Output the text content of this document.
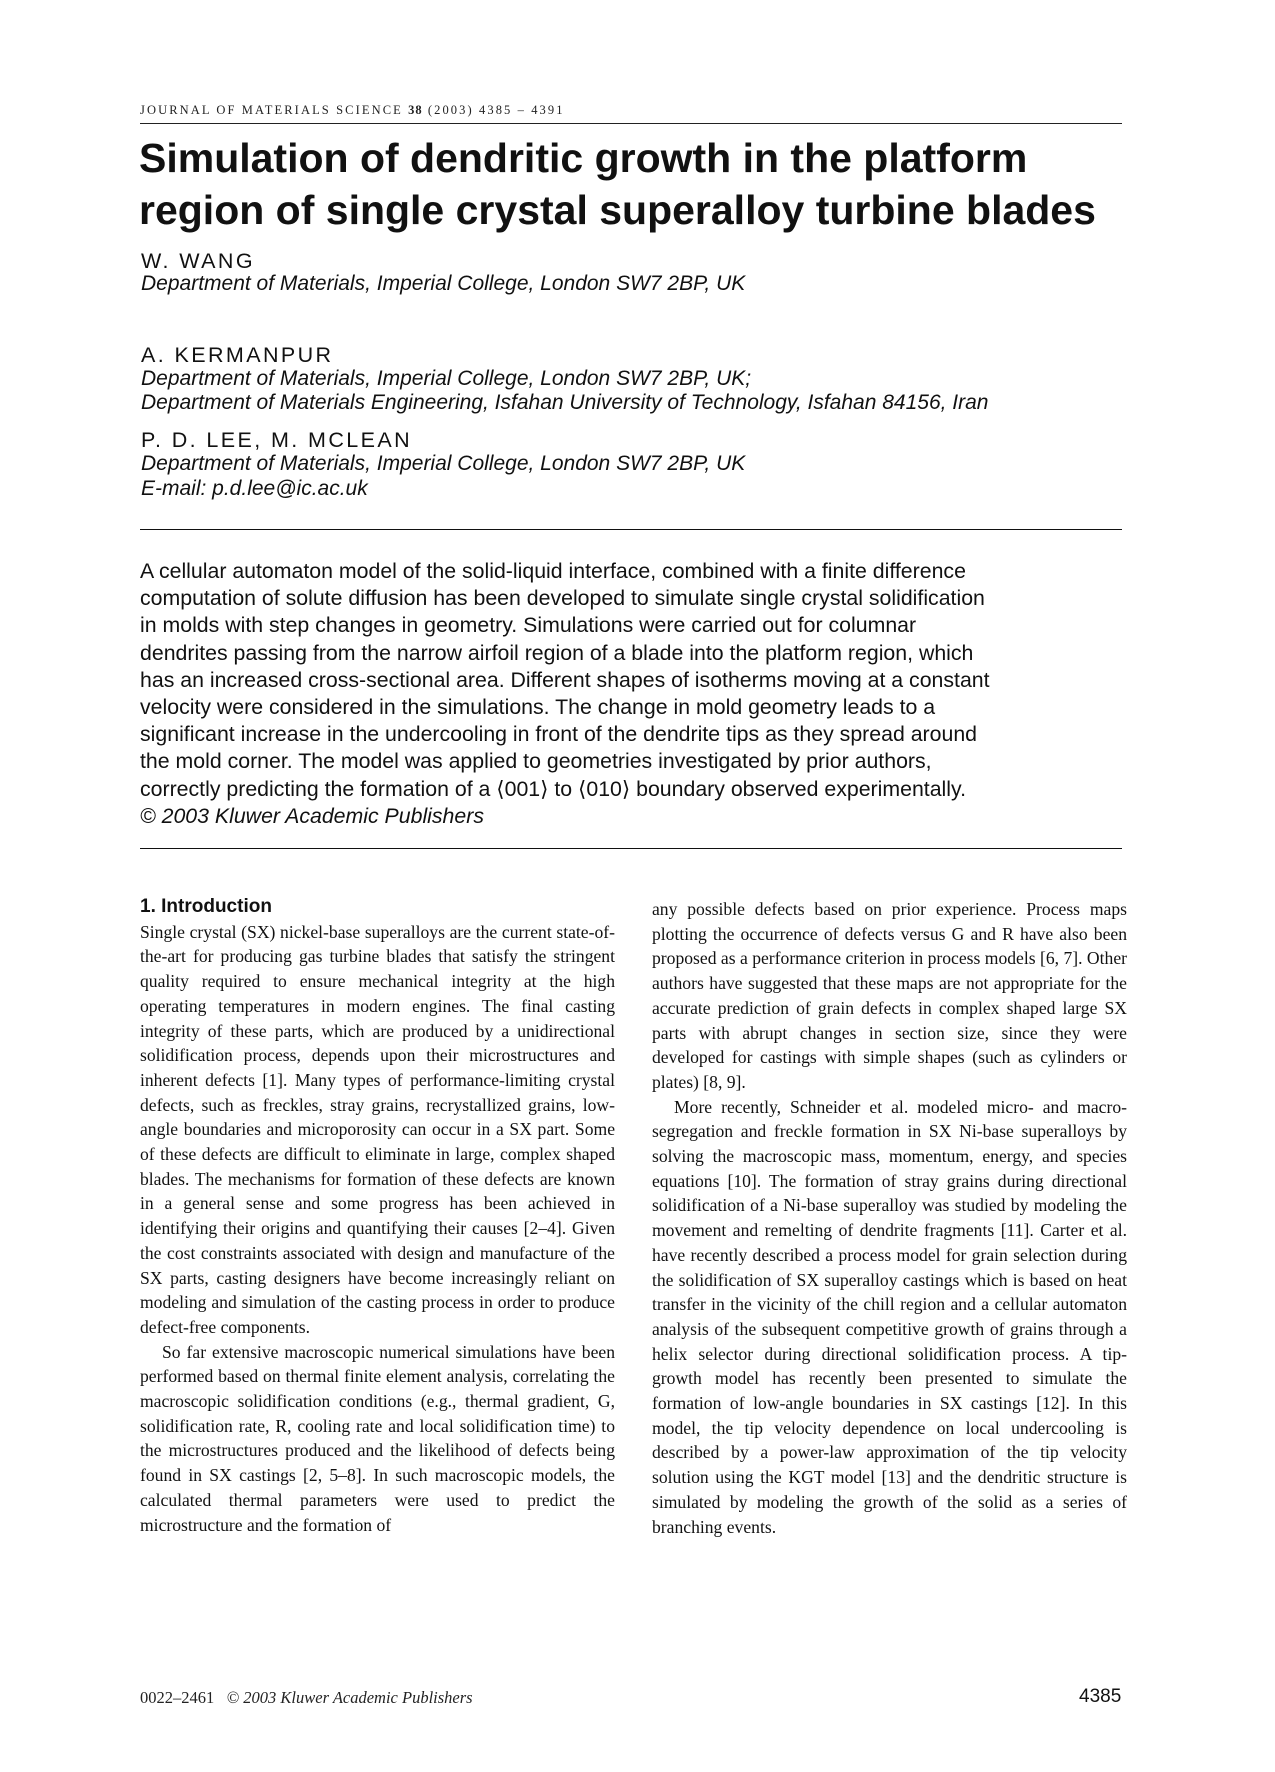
JOURNAL OF MATERIALS SCIENCE 38 (2003) 4385 – 4391
Simulation of dendritic growth in the platform
region of single crystal superalloy turbine blades
W. WANG
Department of Materials, Imperial College, London SW7 2BP, UK
A. KERMANPUR
Department of Materials, Imperial College, London SW7 2BP, UK;
Department of Materials Engineering, Isfahan University of Technology, Isfahan 84156, Iran
P. D. LEE, M. MCLEAN
Department of Materials, Imperial College, London SW7 2BP, UK
E-mail: p.d.lee@ic.ac.uk
A cellular automaton model of the solid-liquid interface, combined with a finite difference
computation of solute diffusion has been developed to simulate single crystal solidification
in molds with step changes in geometry. Simulations were carried out for columnar
dendrites passing from the narrow airfoil region of a blade into the platform region, which
has an increased cross-sectional area. Different shapes of isotherms moving at a constant
velocity were considered in the simulations. The change in mold geometry leads to a
significant increase in the undercooling in front of the dendrite tips as they spread around
the mold corner. The model was applied to geometries investigated by prior authors,
correctly predicting the formation of a ⟨001⟩ to ⟨010⟩ boundary observed experimentally.
© 2003 Kluwer Academic Publishers

1. Introduction

Single crystal (SX) nickel-base superalloys are the current state-of-the-art for producing gas turbine blades that satisfy the stringent quality required to ensure mechanical integrity at the high operating temperatures in modern engines. The final casting integrity of these parts, which are produced by a unidirectional solidification process, depends upon their microstructures and inherent defects [1]. Many types of performance-limiting crystal defects, such as freckles, stray grains, recrystallized grains, low-angle boundaries and microporosity can occur in a SX part. Some of these defects are difficult to eliminate in large, complex shaped blades. The mechanisms for formation of these defects are known in a general sense and some progress has been achieved in identifying their origins and quantifying their causes [2–4]. Given the cost constraints associated with design and manufacture of the SX parts, casting designers have become increasingly reliant on modeling and simulation of the casting process in order to produce defect-free components.

So far extensive macroscopic numerical simulations have been performed based on thermal finite element analysis, correlating the macroscopic solidification conditions (e.g., thermal gradient, G, solidification rate, R, cooling rate and local solidification time) to the microstructures produced and the likelihood of defects being found in SX castings [2, 5–8]. In such macroscopic models, the calculated thermal parameters were used to predict the microstructure and the formation of

any possible defects based on prior experience. Process maps plotting the occurrence of defects versus G and R have also been proposed as a performance criterion in process models [6, 7]. Other authors have suggested that these maps are not appropriate for the accurate prediction of grain defects in complex shaped large SX parts with abrupt changes in section size, since they were developed for castings with simple shapes (such as cylinders or plates) [8, 9].

More recently, Schneider et al. modeled micro- and macro-segregation and freckle formation in SX Ni-base superalloys by solving the macroscopic mass, momentum, energy, and species equations [10]. The formation of stray grains during directional solidification of a Ni-base superalloy was studied by modeling the movement and remelting of dendrite fragments [11]. Carter et al. have recently described a process model for grain selection during the solidification of SX superalloy castings which is based on heat transfer in the vicinity of the chill region and a cellular automaton analysis of the subsequent competitive growth of grains through a helix selector during directional solidification process. A tip-growth model has recently been presented to simulate the formation of low-angle boundaries in SX castings [12]. In this model, the tip velocity dependence on local undercooling is described by a power-law approximation of the tip velocity solution using the KGT model [13] and the dendritic structure is simulated by modeling the growth of the solid as a series of branching events.

0022–2461 © 2003 Kluwer Academic Publishers	4385
